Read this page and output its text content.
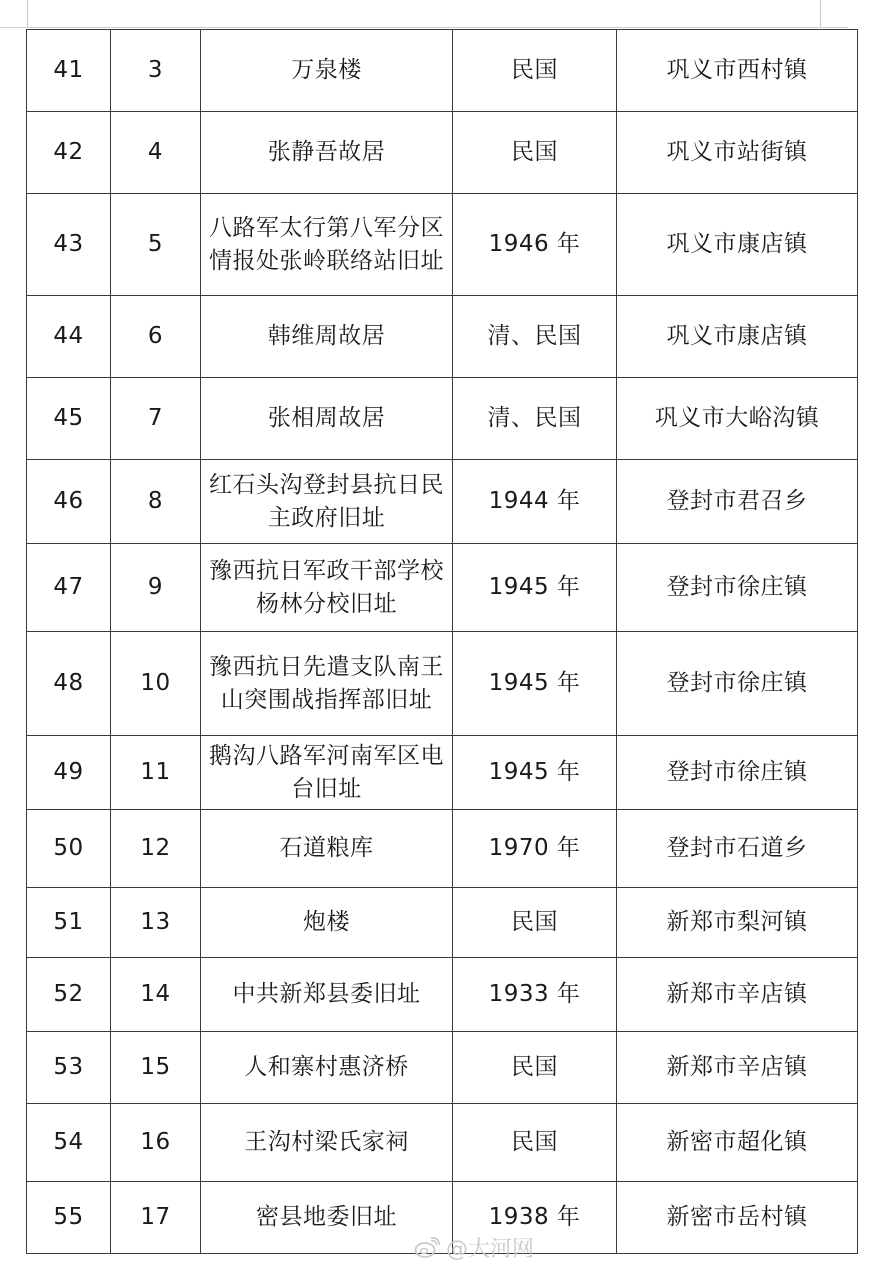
41	3	万泉楼	民国	巩义市西村镇
42	4	张静吾故居	民国	巩义市站街镇
43	5	八路军太行第八军分区情报处张岭联络站旧址	1946 年	巩义市康店镇
44	6	韩维周故居	清、民国	巩义市康店镇
45	7	张相周故居	清、民国	巩义市大峪沟镇
46	8	红石头沟登封县抗日民主政府旧址	1944 年	登封市君召乡
47	9	豫西抗日军政干部学校杨林分校旧址	1945 年	登封市徐庄镇
48	10	豫西抗日先遣支队南王山突围战指挥部旧址	1945 年	登封市徐庄镇
49	11	鹅沟八路军河南军区电台旧址	1945 年	登封市徐庄镇
50	12	石道粮库	1970 年	登封市石道乡
51	13	炮楼	民国	新郑市梨河镇
52	14	中共新郑县委旧址	1933 年	新郑市辛店镇
53	15	人和寨村惠济桥	民国	新郑市辛店镇
54	16	王沟村梁氏家祠	民国	新密市超化镇
55	17	密县地委旧址	1938 年	新密市岳村镇
@大河网
